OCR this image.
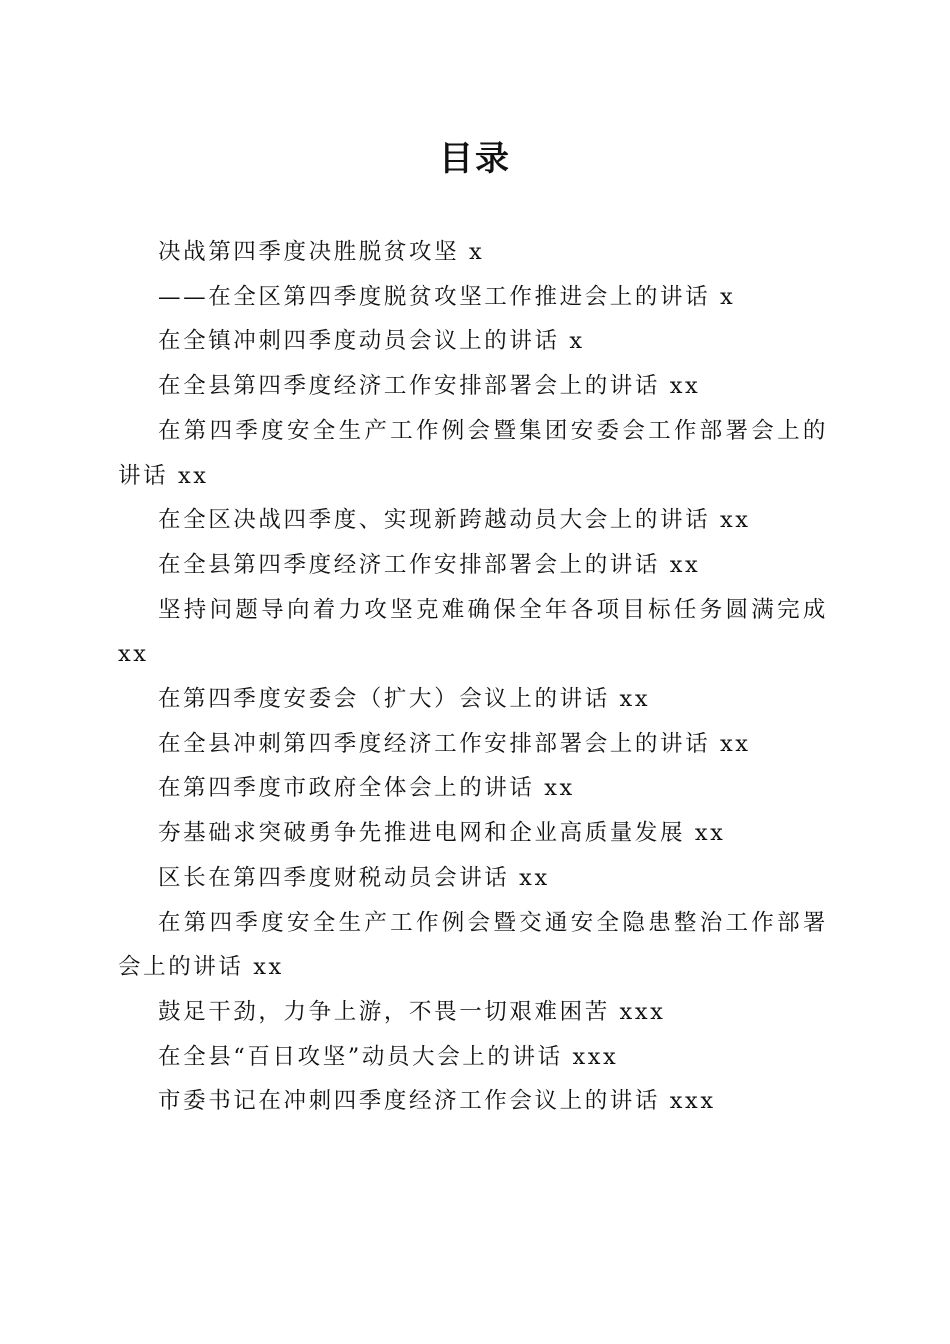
目录
决战第四季度决胜脱贫攻坚 x
——在全区第四季度脱贫攻坚工作推进会上的讲话 x
在全镇冲刺四季度动员会议上的讲话 x
在全县第四季度经济工作安排部署会上的讲话 xx
在第四季度安全生产工作例会暨集团安委会工作部署会上的讲话 xx
在全区决战四季度、实现新跨越动员大会上的讲话 xx
在全县第四季度经济工作安排部署会上的讲话 xx
坚持问题导向着力攻坚克难确保全年各项目标任务圆满完成 xx
在第四季度安委会（扩大）会议上的讲话 xx
在全县冲刺第四季度经济工作安排部署会上的讲话 xx
在第四季度市政府全体会上的讲话 xx
夯基础求突破勇争先推进电网和企业高质量发展 xx
区长在第四季度财税动员会讲话 xx
在第四季度安全生产工作例会暨交通安全隐患整治工作部署会上的讲话 xx
鼓足干劲，力争上游，不畏一切艰难困苦 xxx
在全县“百日攻坚”动员大会上的讲话 xxx
市委书记在冲刺四季度经济工作会议上的讲话 xxx
